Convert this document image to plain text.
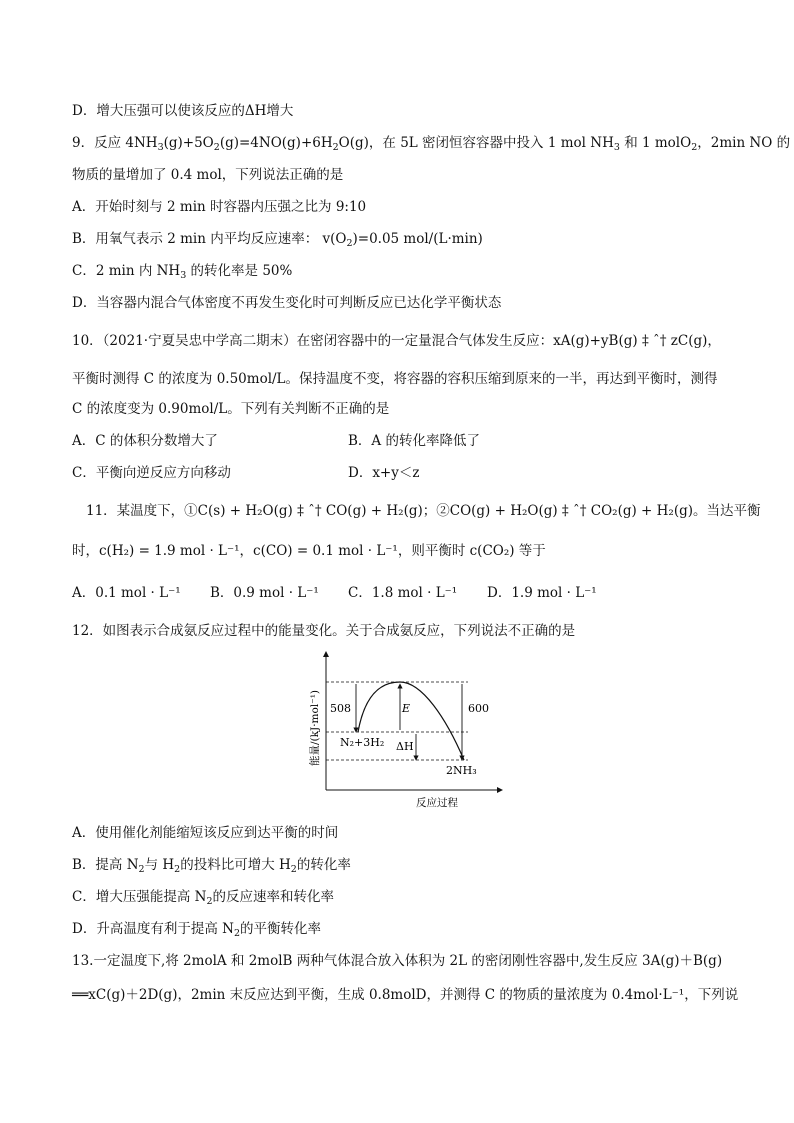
D．增大压强可以使该反应的ΔH增大
9．反应 $4NH_3(g)+5O_2(g)=4NO(g)+6H_2O(g)$，在 5L 密闭恒容容器中投入 1 mol $NH_3$ 和 1 molO$_2$，2min NO 的
物质的量增加了 0.4 mol，下列说法正确的是
A．开始时刻与 2 min 时容器内压强之比为 9:10
B．用氧气表示 2 min 内平均反应速率： $v(O_2)=0.05$ mol/(L·min)
C．2 min 内 $NH_3$ 的转化率是 50%
D．当容器内混合气体密度不再发生变化时可判断反应已达化学平衡状态
10．（2021·宁夏吴忠中学高二期末）在密闭容器中的一定量混合气体发生反应：xA(g)+yB(g) ‡ ˆ† zC(g)，
平衡时测得 C 的浓度为 0.50mol/L。保持温度不变，将容器的容积压缩到原来的一半，再达到平衡时，测得
C 的浓度变为 0.90mol/L。下列有关判断不正确的是
A．C 的体积分数增大了	B．A 的转化率降低了
C．平衡向逆反应方向移动	D．x+y＜z
11．某温度下，①C(s) + H₂O(g) ‡ ˆ† CO(g) + H₂(g)；②CO(g) + H₂O(g) ‡ ˆ† CO₂(g) + H₂(g)。当达平衡
时，c(H₂) = 1.9 mol · L⁻¹，c(CO) = 0.1 mol · L⁻¹，则平衡时 c(CO₂) 等于
A．0.1 mol · L⁻¹ B．0.9 mol · L⁻¹ C．1.8 mol · L⁻¹ D．1.9 mol · L⁻¹
12．如图表示合成氨反应过程中的能量变化。关于合成氨反应，下列说法不正确的是
508	E
ΔH
600
N₂+3H₂
2NH₃
反应过程
能量/(kJ·mol⁻¹)
A．使用催化剂能缩短该反应到达平衡的时间
B．提高 $N_2$与 $H_2$的投料比可增大 $H_2$的转化率
C．增大压强能提高 $N_2$的反应速率和转化率
D．升高温度有利于提高 $N_2$的平衡转化率
13.一定温度下,将 2molA 和 2molB 两种气体混合放入体积为 2L 的密闭刚性容器中,发生反应 3A(g)＋B(g)
══xC(g)＋2D(g)，2min 末反应达到平衡，生成 0.8molD，并测得 C 的物质的量浓度为 0.4mol·L⁻¹，下列说
